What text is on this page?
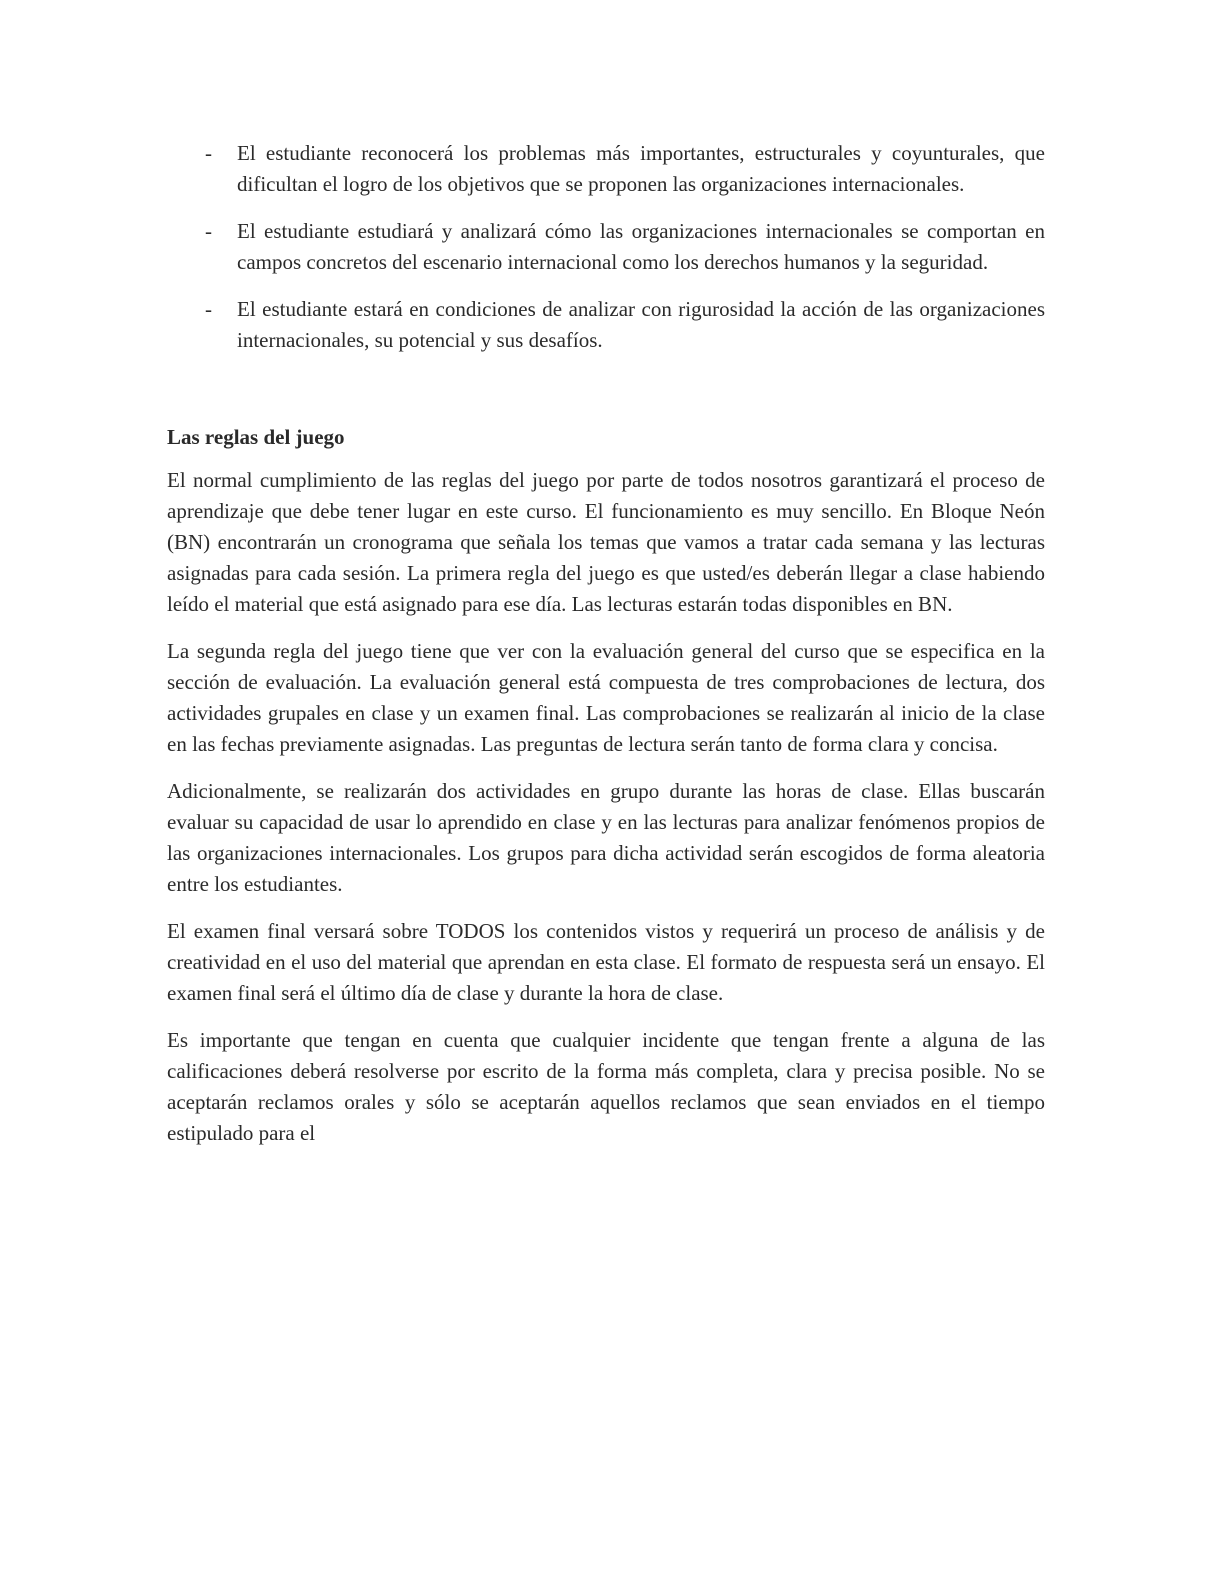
- El estudiante reconocerá los problemas más importantes, estructurales y coyunturales, que dificultan el logro de los objetivos que se proponen las organizaciones internacionales.
- El estudiante estudiará y analizará cómo las organizaciones internacionales se comportan en campos concretos del escenario internacional como los derechos humanos y la seguridad.
- El estudiante estará en condiciones de analizar con rigurosidad la acción de las organizaciones internacionales, su potencial y sus desafíos.
Las reglas del juego

El normal cumplimiento de las reglas del juego por parte de todos nosotros garantizará el proceso de aprendizaje que debe tener lugar en este curso. El funcionamiento es muy sencillo. En Bloque Neón (BN) encontrarán un cronograma que señala los temas que vamos a tratar cada semana y las lecturas asignadas para cada sesión. La primera regla del juego es que usted/es deberán llegar a clase habiendo leído el material que está asignado para ese día. Las lecturas estarán todas disponibles en BN.

La segunda regla del juego tiene que ver con la evaluación general del curso que se especifica en la sección de evaluación. La evaluación general está compuesta de tres comprobaciones de lectura, dos actividades grupales en clase y un examen final. Las comprobaciones se realizarán al inicio de la clase en las fechas previamente asignadas. Las preguntas de lectura serán tanto de forma clara y concisa.

Adicionalmente, se realizarán dos actividades en grupo durante las horas de clase. Ellas buscarán evaluar su capacidad de usar lo aprendido en clase y en las lecturas para analizar fenómenos propios de las organizaciones internacionales. Los grupos para dicha actividad serán escogidos de forma aleatoria entre los estudiantes.

El examen final versará sobre TODOS los contenidos vistos y requerirá un proceso de análisis y de creatividad en el uso del material que aprendan en esta clase. El formato de respuesta será un ensayo. El examen final será el último día de clase y durante la hora de clase.

Es importante que tengan en cuenta que cualquier incidente que tengan frente a alguna de las calificaciones deberá resolverse por escrito de la forma más completa, clara y precisa posible. No se aceptarán reclamos orales y sólo se aceptarán aquellos reclamos que sean enviados en el tiempo estipulado para el
